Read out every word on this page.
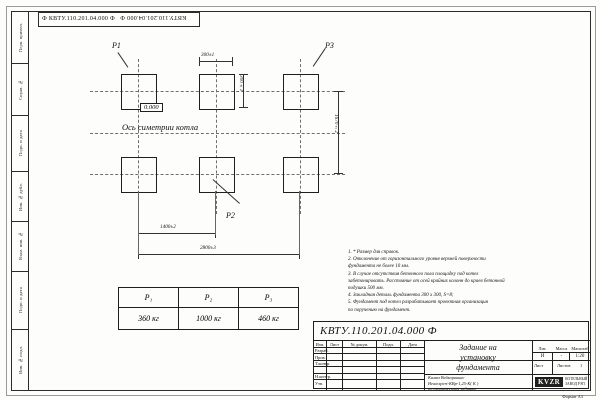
Перв. примен.
Справ. №
Подп. и дата
Инв. № дубл.
Взам. инв. №
Подп. и дата
Инв. № подл.
Ф КВТУ.110.201.04.000 Ф КВТУ.110.201.04.000 Ф
P1	P3
P2
0.000
Ось симетрии котла
300±1
300±1
1670±2
1400±2
2800±3
1. * Размер для справок.
2. Отклонение от горизонтального уровня верхней поверхности
фундамента не более 10 мм.
3. В случае отсутствия бетонного пола площадку под котел
забетонировать. Расстояние от осей крайних колонн до краев бетонной
подушки 500 мм.
4. Закладная деталь фундамента 300 х 300, S=8;
5. Фундамент под котел разрабатывает проектная организация
по поручению на фундамент.
P₁	P₂	P₃
360 кг	1000 кг	460 кг
КВТУ.110.201.04.000 Ф
Изм.	Лист	№ докум.	Подп.	Дата
Разраб.
Пров.
Т.контр.
Н.контр.
Утв.
Задание на
установку
фундамента
Камаз Вейкорвинас
Heatexpert-КВр-1,25-К( К )
по техническому заданию
Лит.	Масса Масштаб
И	-	1:20
Лист	Листов 1
KVZR	КОТЕЛЬНЫЙ
ЗАВОД РЭП
Формат A3
